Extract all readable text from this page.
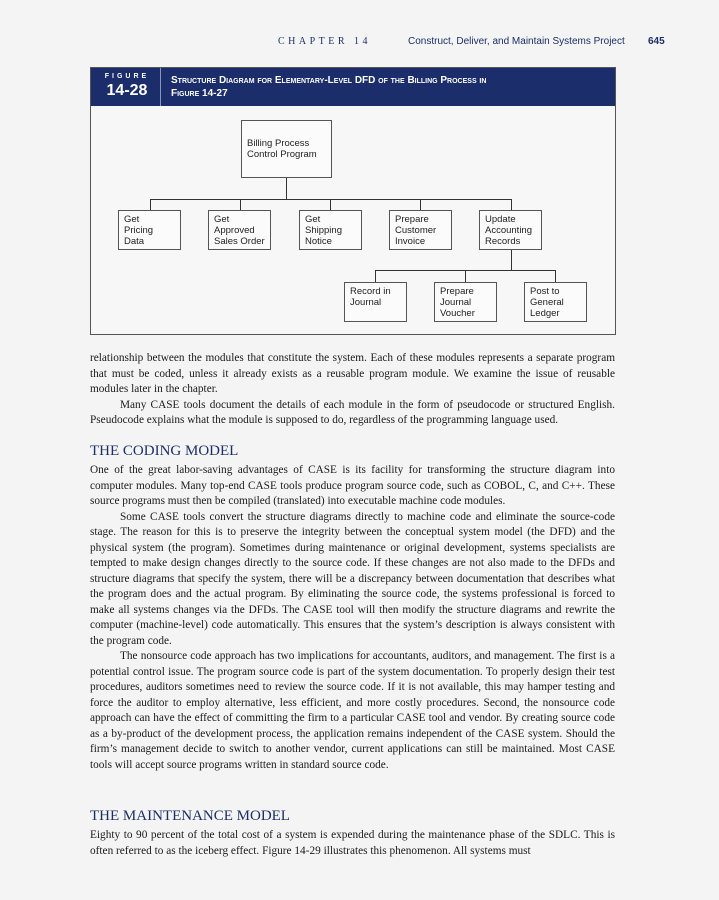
CHAPTER 14	Construct, Deliver, and Maintain Systems Project 645
FIGURE
14-28
Structure Diagram for Elementary-Level DFD of the Billing Process in
Figure 14-27
Billing Process
Control Program
Get
Pricing
Data
Get
Approved
Sales Order
Get
Shipping
Notice
Prepare
Customer
Invoice
Update
Accounting
Records
Record in
Journal
Prepare
Journal
Voucher
Post to
General
Ledger

relationship between the modules that constitute the system. Each of these modules represents a separate program that must be coded, unless it already exists as a reusable program module. We examine the issue of reusable modules later in the chapter.

Many CASE tools document the details of each module in the form of pseudocode or structured English. Pseudocode explains what the module is supposed to do, regardless of the programming language used.

THE CODING MODEL

One of the great labor-saving advantages of CASE is its facility for transforming the structure diagram into computer modules. Many top-end CASE tools produce program source code, such as COBOL, C, and C++. These source programs must then be compiled (translated) into executable machine code modules.

Some CASE tools convert the structure diagrams directly to machine code and eliminate the source-code stage. The reason for this is to preserve the integrity between the conceptual system model (the DFD) and the physical system (the program). Sometimes during maintenance or original development, systems specialists are tempted to make design changes directly to the source code. If these changes are not also made to the DFDs and structure diagrams that specify the system, there will be a discrepancy between documentation that describes what the program does and the actual program. By eliminating the source code, the systems professional is forced to make all systems changes via the DFDs. The CASE tool will then modify the structure diagrams and rewrite the computer (machine-level) code automatically. This ensures that the system’s description is always consistent with the program code.

The nonsource code approach has two implications for accountants, auditors, and management. The first is a potential control issue. The program source code is part of the system documentation. To properly design their test procedures, auditors sometimes need to review the source code. If it is not available, this may hamper testing and force the auditor to employ alternative, less efficient, and more costly procedures. Second, the nonsource code approach can have the effect of committing the firm to a particular CASE tool and vendor. By creating source code as a by-product of the development process, the application remains independent of the CASE system. Should the firm’s management decide to switch to another vendor, current applications can still be maintained. Most CASE tools will accept source programs written in standard source code.

THE MAINTENANCE MODEL

Eighty to 90 percent of the total cost of a system is expended during the maintenance phase of the SDLC. This is often referred to as the iceberg effect. Figure 14-29 illustrates this phenomenon. All systems must
